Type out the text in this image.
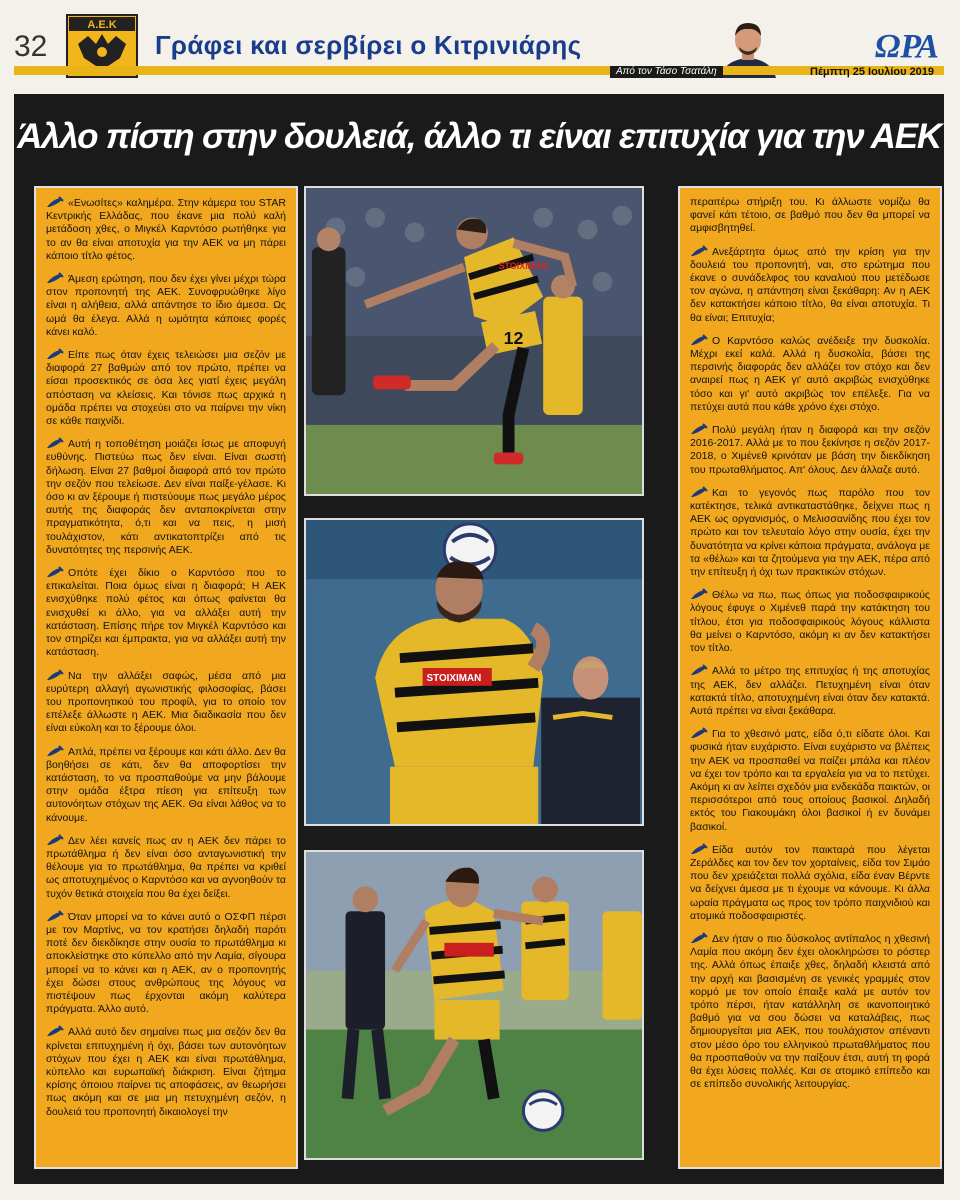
32
Α.Ε.Κ
Γράφει και σερβίρει ο Κιτρινιάρης	ΩΡΑ
Από τον Τάσο Τσατάλη	Πέμπτη 25 Ιουλίου 2019
Άλλο πίστη στην δουλειά, άλλο τι είναι επιτυχία για την ΑΕΚ

«Ενωσίτες» καλημέρα. Στην κάμερα του STAR Κεντρικής Ελλάδας, που έκανε μια πολύ καλή μετάδοση χθες, ο Μιγκέλ Καρντόσο ρωτήθηκε για το αν θα είναι αποτυχία για την ΑΕΚ να μη πάρει κάποιο τίτλο φέτος.

Άμεση ερώτηση, που δεν έχει γίνει μέχρι τώρα στον προπονητή της ΑΕΚ. Συνοφρυώθηκε λίγο είναι η αλήθεια, αλλά απάντησε το ίδιο άμεσα. Ως ωμά θα έλεγα. Αλλά η ωμότητα κάποιες φορές κάνει καλό.

Είπε πως όταν έχεις τελειώσει μια σεζόν με διαφορά 27 βαθμών από τον πρώτο, πρέπει να είσαι προσεκτικός σε όσα λες γιατί έχεις μεγάλη απόσταση να κλείσεις. Και τόνισε πως αρχικά η ομάδα πρέπει να στοχεύει στο να παίρνει την νίκη σε κάθε παιχνίδι.

Αυτή η τοποθέτηση μοιάζει ίσως με αποφυγή ευθύνης. Πιστεύω πως δεν είναι. Είναι σωστή δήλωση. Είναι 27 βαθμοί διαφορά από τον πρώτο την σεζόν που τελείωσε. Δεν είναι παίξε-γέλασε. Κι όσο κι αν ξέρουμε ή πιστεύουμε πως μεγάλο μέρος αυτής της διαφοράς δεν ανταποκρίνεται στην πραγματικότητα, ό,τι και να πεις, η μισή τουλάχιστον, κάτι αντικατοπτρίζει από τις δυνατότητες της περσινής ΑΕΚ.

Οπότε έχει δίκιο ο Καρντόσο που το επικαλείται. Ποια όμως είναι η διαφορά; Η ΑΕΚ ενισχύθηκε πολύ φέτος και όπως φαίνεται θα ενισχυθεί κι άλλο, για να αλλάξει αυτή την κατάσταση. Επίσης πήρε τον Μιγκέλ Καρντόσο και τον στηρίζει και έμπρακτα, για να αλλάξει αυτή την κατάσταση.

Να την αλλάξει σαφώς, μέσα από μια ευρύτερη αλλαγή αγωνιστικής φιλοσοφίας, βάσει του προπονητικού του προφίλ, για το οποίο τον επέλεξε άλλωστε η ΑΕΚ. Μια διαδικασία που δεν είναι εύκολη και το ξέρουμε όλοι.

Απλά, πρέπει να ξέρουμε και κάτι άλλο. Δεν θα βοηθήσει σε κάτι, δεν θα αποφορτίσει την κατάσταση, το να προσπαθούμε να μην βάλουμε στην ομάδα έξτρα πίεση για επίτευξη των αυτονόητων στόχων της ΑΕΚ. Θα είναι λάθος να το κάνουμε.

Δεν λέει κανείς πως αν η ΑΕΚ δεν πάρει το πρωτάθλημα ή δεν είναι όσο ανταγωνιστική την θέλουμε για το πρωτάθλημα, θα πρέπει να κριθεί ως αποτυχημένος ο Καρντόσο και να αγνοηθούν τα τυχόν θετικά στοιχεία που θα έχει δείξει.

Όταν μπορεί να το κάνει αυτό ο ΟΣΦΠ πέρσι με τον Μαρτίνς, να τον κρατήσει δηλαδή παρότι ποτέ δεν διεκδίκησε στην ουσία το πρωτάθλημα κι αποκλείστηκε στο κύπελλο από την Λαμία, σίγουρα μπορεί να το κάνει και η ΑΕΚ, αν ο προπονητής έχει δώσει στους ανθρώπους της λόγους να πιστέψουν πως έρχονται ακόμη καλύτερα πράγματα. Άλλο αυτό.

Αλλά αυτό δεν σημαίνει πως μια σεζόν δεν θα κρίνεται επιτυχημένη ή όχι, βάσει των αυτονόητων στόχων που έχει η ΑΕΚ και είναι πρωτάθλημα, κύπελλο και ευρωπαϊκή διάκριση. Είναι ζήτημα κρίσης όποιου παίρνει τις αποφάσεις, αν θεωρήσει πως ακόμη και σε μια μη πετυχημένη σεζόν, η δουλειά του προπονητή δικαιολογεί την

STOIXIMAN
12
STOIXIMAN

περαιτέρω στήριξη του. Κι άλλωστε νομίζω θα φανεί κάτι τέτοιο, σε βαθμό που δεν θα μπορεί να αμφισβητηθεί.

Ανεξάρτητα όμως από την κρίση για την δουλειά του προπονητή, ναι, στο ερώτημα που έκανε ο συνάδελφος του καναλιού που μετέδωσε τον αγώνα, η απάντηση είναι ξεκάθαρη: Αν η ΑΕΚ δεν κατακτήσει κάποιο τίτλο, θα είναι αποτυχία. Τι θα είναι; Επιτυχία;

Ο Καρντόσο καλώς ανέδειξε την δυσκολία. Μέχρι εκεί καλά. Αλλά η δυσκολία, βάσει της περσινής διαφοράς δεν αλλάζει τον στόχο και δεν αναιρεί πως η ΑΕΚ γι' αυτό ακριβώς ενισχύθηκε τόσο και γι' αυτό ακριβώς τον επέλεξε. Για να πετύχει αυτά που κάθε χρόνο έχει στόχο.

Πολύ μεγάλη ήταν η διαφορά και την σεζόν 2016-2017. Αλλά με το που ξεκίνησε η σεζόν 2017-2018, ο Χιμένεθ κρινόταν με βάση την διεκδίκηση του πρωταθλήματος. Απ' όλους. Δεν άλλαζε αυτό.

Και το γεγονός πως παρόλο που τον κατέκτησε, τελικά αντικαταστάθηκε, δείχνει πως η ΑΕΚ ως οργανισμός, ο Μελισσανίδης που έχει τον πρώτο και τον τελευταίο λόγο στην ουσία, έχει την δυνατότητα να κρίνει κάποια πράγματα, ανάλογα με τα «θέλω» και τα ζητούμενα για την ΑΕΚ, πέρα από την επίτευξη ή όχι των πρακτικών στόχων.

Θέλω να πω, πως όπως για ποδοσφαιρικούς λόγους έφυγε ο Χιμένεθ παρά την κατάκτηση του τίτλου, έτσι για ποδοσφαιρικούς λόγους κάλλιστα θα μείνει ο Καρντόσο, ακόμη κι αν δεν κατακτήσει τον τίτλο.

Αλλά το μέτρο της επιτυχίας ή της αποτυχίας της ΑΕΚ, δεν αλλάζει. Πετυχημένη είναι όταν κατακτά τίτλο, αποτυχημένη είναι όταν δεν κατακτά. Αυτά πρέπει να είναι ξεκάθαρα.

Για το χθεσινό ματς, είδα ό,τι είδατε όλοι. Και φυσικά ήταν ευχάριστο. Είναι ευχάριστο να βλέπεις την ΑΕΚ να προσπαθεί να παίζει μπάλα και πλέον να έχει τον τρόπο και τα εργαλεία για να το πετύχει. Ακόμη κι αν λείπει σχεδόν μια ενδεκάδα παικτών, οι περισσότεροι από τους οποίους βασικοί. Δηλαδή εκτός του Γιακουμάκη όλοι βασικοί ή εν δυνάμει βασικοί.

Είδα αυτόν τον παικταρά που λέγεται Ζεράλδες και τον δεν τον χορταίνεις, είδα τον Σιμάο που δεν χρειάζεται πολλά σχόλια, είδα έναν Βέρντε να δείχνει άμεσα με τι έχουμε να κάνουμε. Κι άλλα ωραία πράγματα ως προς τον τρόπο παιχνιδιού και ατομικά ποδοσφαιριστές.

Δεν ήταν ο πιο δύσκολος αντίπαλος η χθεσινή Λαμία που ακόμη δεν έχει ολοκληρώσει το ρόστερ της. Αλλά όπως έπαιξε χθες, δηλαδή κλειστά από την αρχή και βασισμένη σε γενικές γραμμές στον κορμό με τον οποίο έπαιξε καλά με αυτόν τον τρόπο πέρσι, ήταν κατάλληλη σε ικανοποιητικό βαθμό για να σου δώσει να καταλάβεις, πως δημιουργείται μια ΑΕΚ, που τουλάχιστον απέναντι στον μέσο όρο του ελληνικού πρωταθλήματος που θα προσπαθούν να την παίξουν έτσι, αυτή τη φορά θα έχει λύσεις πολλές. Και σε ατομικό επίπεδο και σε επίπεδο συνολικής λειτουργίας.
